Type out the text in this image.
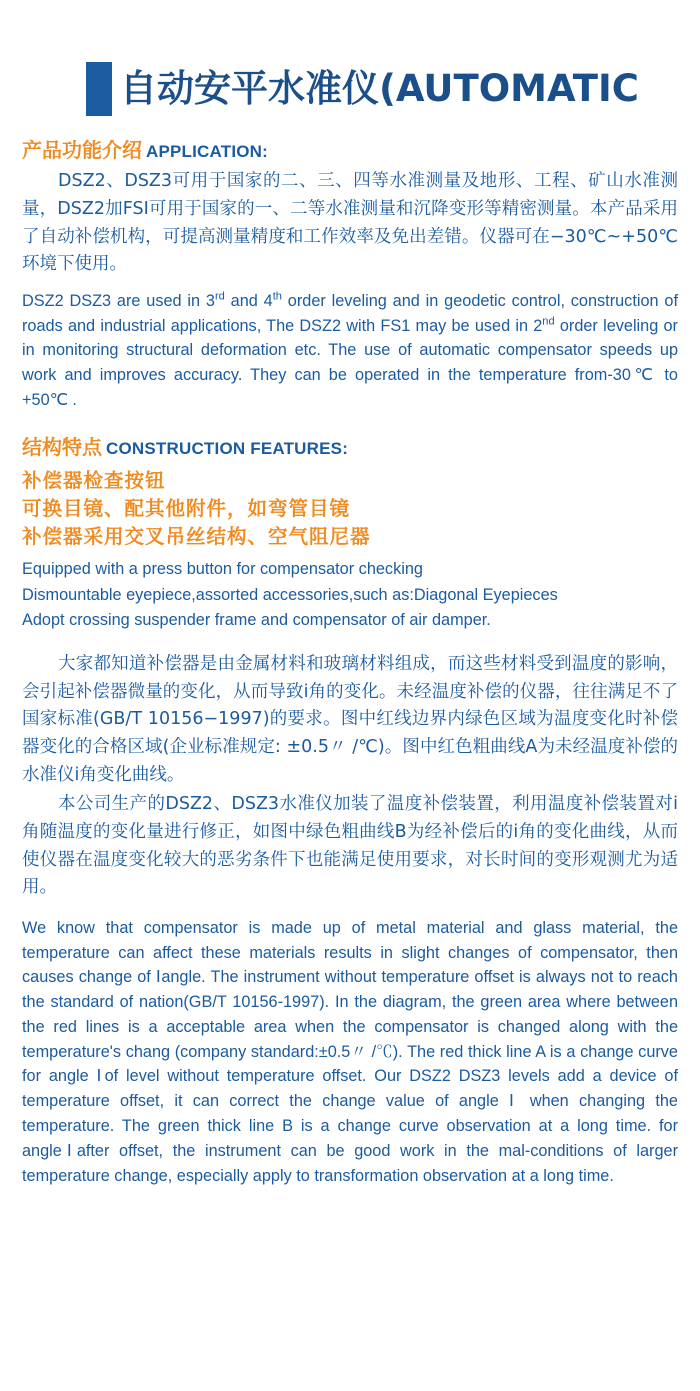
自动安平水准仪(AUTOMATIC
产品功能介绍 APPLICATION:

DSZ2、DSZ3可用于国家的二、三、四等水准测量及地形、工程、矿山水准测量，DSZ2加FSI可用于国家的一、二等水准测量和沉降变形等精密测量。本产品采用了自动补偿机构，可提高测量精度和工作效率及免出差错。仪器可在−30℃~+50℃环境下使用。

DSZ2 DSZ3 are used in 3rd and 4th order leveling and in geodetic control, construction of roads and industrial applications, The DSZ2 with FS1 may be used in 2nd order leveling or in monitoring structural deformation etc. The use of automatic compensator speeds up work and improves accuracy. They can be operated in the temperature from-30℃ to +50℃ .

结构特点 CONSTRUCTION FEATURES:
补偿器检查按钮
可换目镜、配其他附件，如弯管目镜
补偿器采用交叉吊丝结构、空气阻尼器

Equipped with a press button for compensator checking

Dismountable eyepiece,assorted accessories,such as:Diagonal Eyepieces

Adopt crossing suspender frame and compensator of air damper.

大家都知道补偿器是由金属材料和玻璃材料组成，而这些材料受到温度的影响，会引起补偿器微量的变化，从而导致i角的变化。未经温度补偿的仪器，往往满足不了国家标准(GB/T 10156−1997)的要求。图中红线边界内绿色区域为温度变化时补偿器变化的合格区域(企业标准规定: ±0.5〃 /℃)。图中红色粗曲线A为未经温度补偿的水准仪i角变化曲线。

本公司生产的DSZ2、DSZ3水准仪加装了温度补偿装置，利用温度补偿装置对i角随温度的变化量进行修正，如图中绿色粗曲线B为经补偿后的i角的变化曲线，从而使仪器在温度变化较大的恶劣条件下也能满足使用要求，对长时间的变形观测尤为适用。

We know that compensator is made up of metal material and glass material, the temperature can affect these materials results in slight changes of compensator, then causes change of Ⅰangle. The instrument without temperature offset is always not to reach the standard of nation(GB/T 10156-1997). In the diagram, the green area where between the red lines is a acceptable area when the compensator is changed along with the temperature's chang (company standard:±0.5〃 /℃). The red thick line A is a change curve for angle Ⅰof level without temperature offset. Our DSZ2 DSZ3 levels add a device of temperature offset, it can correct the change value of angle Ⅰ when changing the temperature. The green thick line B is a change curve observation at a long time. for angleⅠafter offset, the instrument can be good work in the mal-conditions of larger temperature change, especially apply to transformation observation at a long time.
